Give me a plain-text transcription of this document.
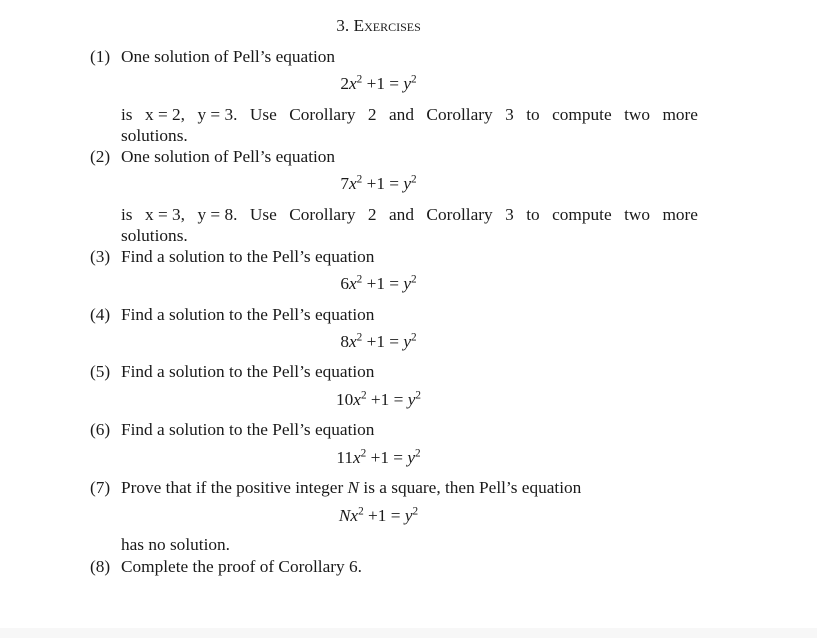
3. Exercises
(1) One solution of Pell’s equation
$2x^2 +1 = y^2$
is x = 2, y = 3. Use Corollary 2 and Corollary 3 to compute two more
solutions.
(2) One solution of Pell’s equation
$7x^2 +1 = y^2$
is x = 3, y = 8. Use Corollary 2 and Corollary 3 to compute two more
solutions.
(3) Find a solution to the Pell’s equation
$6x^2 +1 = y^2$
(4) Find a solution to the Pell’s equation
$8x^2 +1 = y^2$
(5) Find a solution to the Pell’s equation
$10x^2 +1 = y^2$
(6) Find a solution to the Pell’s equation
$11x^2 +1 = y^2$
(7) Prove that if the positive integer N is a square, then Pell’s equation
$Nx^2 +1 = y^2$
has no solution.
(8) Complete the proof of Corollary 6.
